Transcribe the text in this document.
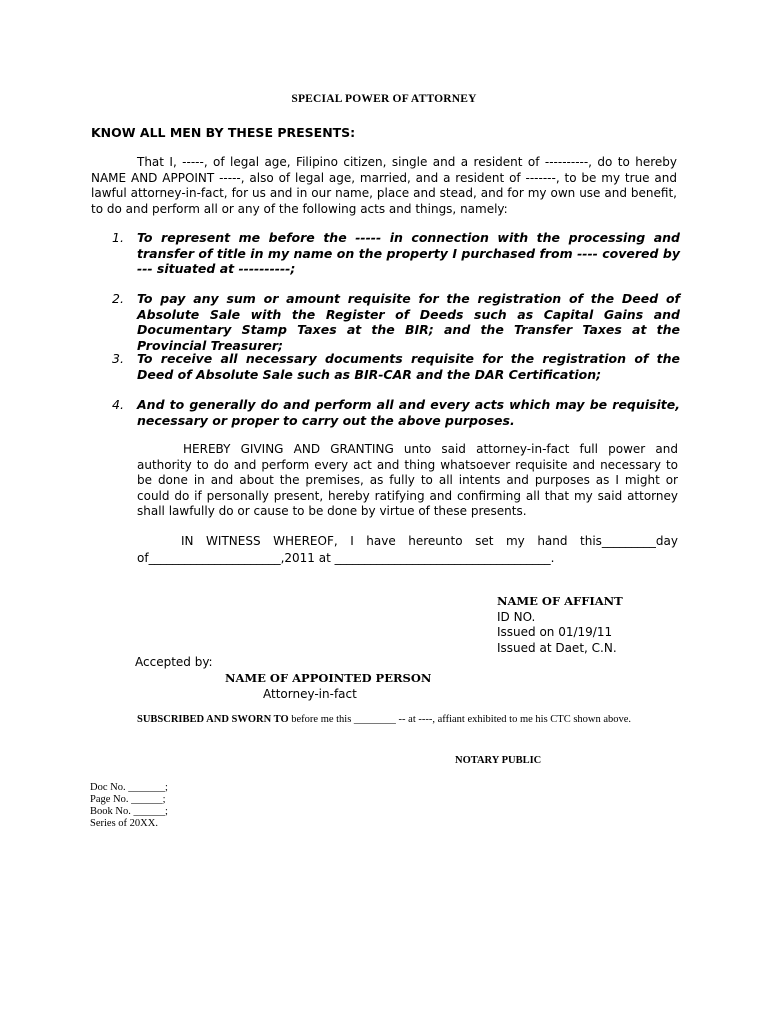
SPECIAL POWER OF ATTORNEY
KNOW ALL MEN BY THESE PRESENTS:

That I, -----, of legal age, Filipino citizen, single and a resident of ----------, do to hereby NAME AND APPOINT -----, also of legal age, married, and a resident of -------, to be my true and lawful attorney-in-fact, for us and in our name, place and stead, and for my own use and benefit, to do and perform all or any of the following acts and things, namely:

1.	To represent me before the ----- in connection with the processing and transfer of title in my name on the property I purchased from ---- covered by --- situated at ----------;
2.	To pay any sum or amount requisite for the registration of the Deed of Absolute Sale with the Register of Deeds such as Capital Gains and Documentary Stamp Taxes at the BIR; and the Transfer Taxes at the Provincial Treasurer;
3.	To receive all necessary documents requisite for the registration of the Deed of Absolute Sale such as BIR-CAR and the DAR Certification;
4.	And to generally do and perform all and every acts which may be requisite, necessary or proper to carry out the above purposes.

HEREBY GIVING AND GRANTING unto said attorney-in-fact full power and authority to do and perform every act and thing whatsoever requisite and necessary to be done in and about the premises, as fully to all intents and purposes as I might or could do if personally present, hereby ratifying and confirming all that my said attorney shall lawfully do or cause to be done by virtue of these presents.

IN WITNESS WHEREOF, I have hereunto set my hand this_________day
of______________________,2011 at ____________________________________.
NAME OF AFFIANT
ID NO.
Issued on 01/19/11
Issued at Daet, C.N.
Accepted by:
NAME OF APPOINTED PERSON
Attorney-in-fact
SUBSCRIBED AND SWORN TO before me this ________ -- at ----, affiant exhibited to me his CTC shown above.
NOTARY PUBLIC
Doc No. _______;
Page No. ______;
Book No. ______;
Series of 20XX.
